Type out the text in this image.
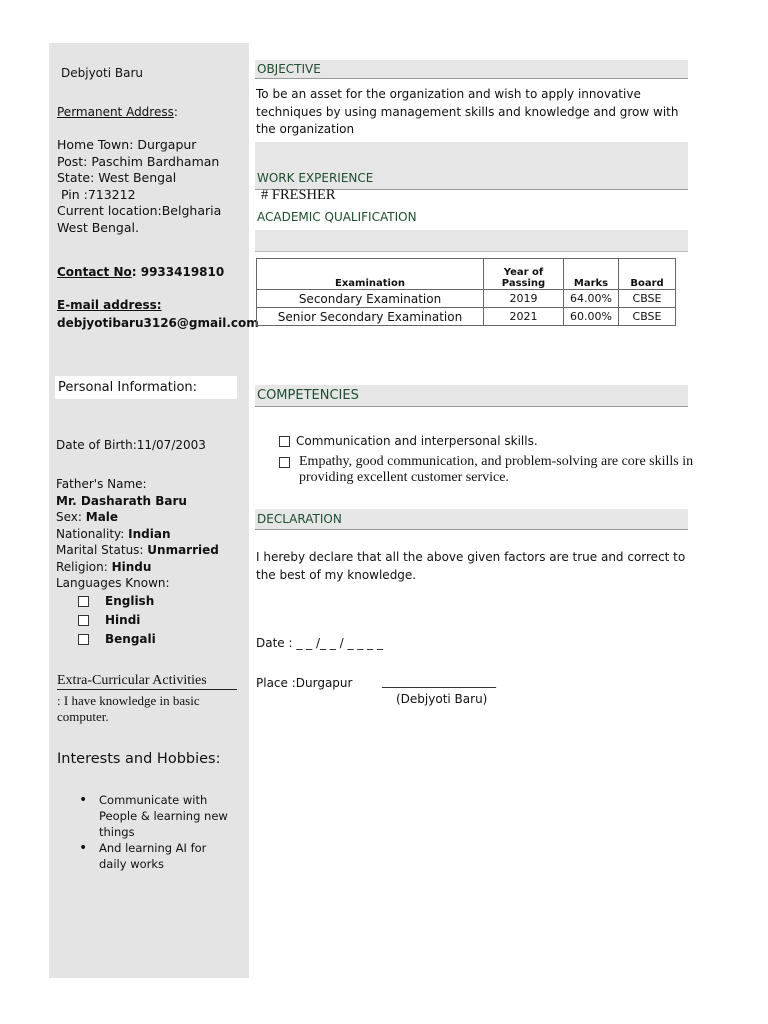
Debjyoti Baru
Permanent Address:
Home Town: Durgapur
Post: Paschim Bardhaman
State: West Bengal
Pin :713212
Current location:Belgharia
West Bengal.
Contact No: 9933419810
E-mail address:
debjyotibaru3126@gmail.com
Personal Information:
Date of Birth:11/07/2003
Father's Name:
Mr. Dasharath Baru
Sex: Male
Nationality: Indian
Marital Status: Unmarried
Religion: Hindu
Languages Known:
English
Hindi
Bengali
Extra-Curricular Activities
: I have knowledge in basic computer.
Interests and Hobbies:
• Communicate with People & learning new things
• And learning AI for daily works
OBJECTIVE
To be an asset for the organization and wish to apply innovative techniques by using management skills and knowledge and grow with the organization
WORK EXPERIENCE
# FRESHER
ACADEMIC QUALIFICATION
Examination	Year of Passing	Marks	Board
Secondary Examination	2019	64.00%	CBSE
Senior Secondary Examination	2021	60.00%	CBSE
COMPETENCIES
Communication and interpersonal skills.
Empathy, good communication, and problem-solving are core skills in providing excellent customer service.
DECLARATION
I hereby declare that all the above given factors are true and correct to the best of my knowledge.
Date : _ _ /_ _ / _ _ _ _
Place :Durgapur ___________________
(Debjyoti Baru)
